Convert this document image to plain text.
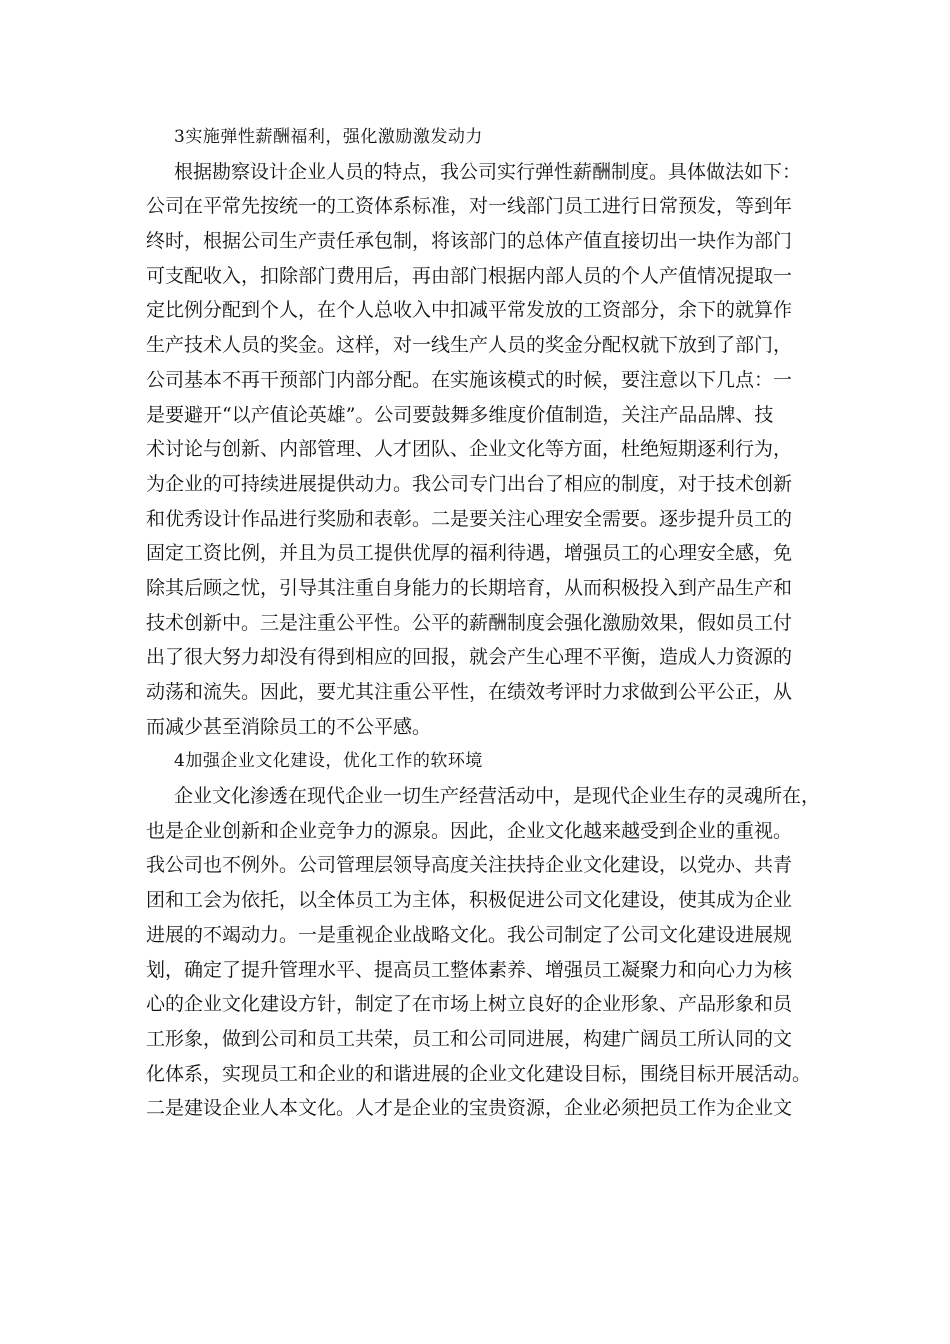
3实施弹性薪酬福利，强化激励激发动力
根据勘察设计企业人员的特点，我公司实行弹性薪酬制度。具体做法如下：
公司在平常先按统一的工资体系标准，对一线部门员工进行日常预发，等到年
终时，根据公司生产责任承包制，将该部门的总体产值直接切出一块作为部门
可支配收入，扣除部门费用后，再由部门根据内部人员的个人产值情况提取一
定比例分配到个人，在个人总收入中扣减平常发放的工资部分，余下的就算作
生产技术人员的奖金。这样，对一线生产人员的奖金分配权就下放到了部门，
公司基本不再干预部门内部分配。在实施该模式的时候，要注意以下几点：一
是要避开“以产值论英雄”。公司要鼓舞多维度价值制造，关注产品品牌、技
术讨论与创新、内部管理、人才团队、企业文化等方面，杜绝短期逐利行为，
为企业的可持续进展提供动力。我公司专门出台了相应的制度，对于技术创新
和优秀设计作品进行奖励和表彰。二是要关注心理安全需要。逐步提升员工的
固定工资比例，并且为员工提供优厚的福利待遇，增强员工的心理安全感，免
除其后顾之忧，引导其注重自身能力的长期培育，从而积极投入到产品生产和
技术创新中。三是注重公平性。公平的薪酬制度会强化激励效果，假如员工付
出了很大努力却没有得到相应的回报，就会产生心理不平衡，造成人力资源的
动荡和流失。因此，要尤其注重公平性，在绩效考评时力求做到公平公正，从
而减少甚至消除员工的不公平感。
4加强企业文化建设，优化工作的软环境
企业文化渗透在现代企业一切生产经营活动中，是现代企业生存的灵魂所在，
也是企业创新和企业竞争力的源泉。因此，企业文化越来越受到企业的重视。
我公司也不例外。公司管理层领导高度关注扶持企业文化建设，以党办、共青
团和工会为依托，以全体员工为主体，积极促进公司文化建设，使其成为企业
进展的不竭动力。一是重视企业战略文化。我公司制定了公司文化建设进展规
划，确定了提升管理水平、提高员工整体素养、增强员工凝聚力和向心力为核
心的企业文化建设方针，制定了在市场上树立良好的企业形象、产品形象和员
工形象，做到公司和员工共荣，员工和公司同进展，构建广阔员工所认同的文
化体系，实现员工和企业的和谐进展的企业文化建设目标，围绕目标开展活动。
二是建设企业人本文化。人才是企业的宝贵资源，企业必须把员工作为企业文
